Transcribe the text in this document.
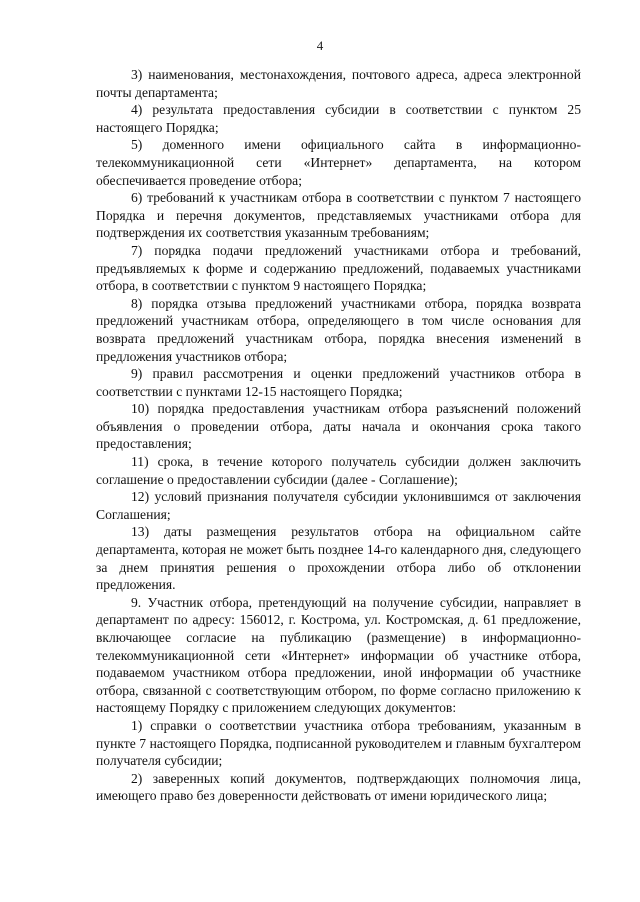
4

3) наименования, местонахождения, почтового адреса, адреса электронной почты департамента;

4) результата предоставления субсидии в соответствии с пунктом 25 настоящего Порядка;

5) доменного имени официального сайта в информационно-телекоммуникационной сети «Интернет» департамента, на котором обеспечивается проведение отбора;

6) требований к участникам отбора в соответствии с пунктом 7 настоящего Порядка и перечня документов, представляемых участниками отбора для подтверждения их соответствия указанным требованиям;

7) порядка подачи предложений участниками отбора и требований, предъявляемых к форме и содержанию предложений, подаваемых участниками отбора, в соответствии с пунктом 9 настоящего Порядка;

8) порядка отзыва предложений участниками отбора, порядка возврата предложений участникам отбора, определяющего в том числе основания для возврата предложений участникам отбора, порядка внесения изменений в предложения участников отбора;

9) правил рассмотрения и оценки предложений участников отбора в соответствии с пунктами 12-15 настоящего Порядка;

10) порядка предоставления участникам отбора разъяснений положений объявления о проведении отбора, даты начала и окончания срока такого предоставления;

11) срока, в течение которого получатель субсидии должен заключить соглашение о предоставлении субсидии (далее - Соглашение);

12) условий признания получателя субсидии уклонившимся от заключения Соглашения;

13) даты размещения результатов отбора на официальном сайте департамента, которая не может быть позднее 14-го календарного дня, следующего за днем принятия решения о прохождении отбора либо об отклонении предложения.

9. Участник отбора, претендующий на получение субсидии, направляет в департамент по адресу: 156012, г. Кострома, ул. Костромская, д. 61 предложение, включающее согласие на публикацию (размещение) в информационно-телекоммуникационной сети «Интернет» информации об участнике отбора, подаваемом участником отбора предложении, иной информации об участнике отбора, связанной с соответствующим отбором, по форме согласно приложению к настоящему Порядку с приложением следующих документов:

1) справки о соответствии участника отбора требованиям, указанным в пункте 7 настоящего Порядка, подписанной руководителем и главным бухгалтером получателя субсидии;

2) заверенных копий документов, подтверждающих полномочия лица, имеющего право без доверенности действовать от имени юридического лица;
